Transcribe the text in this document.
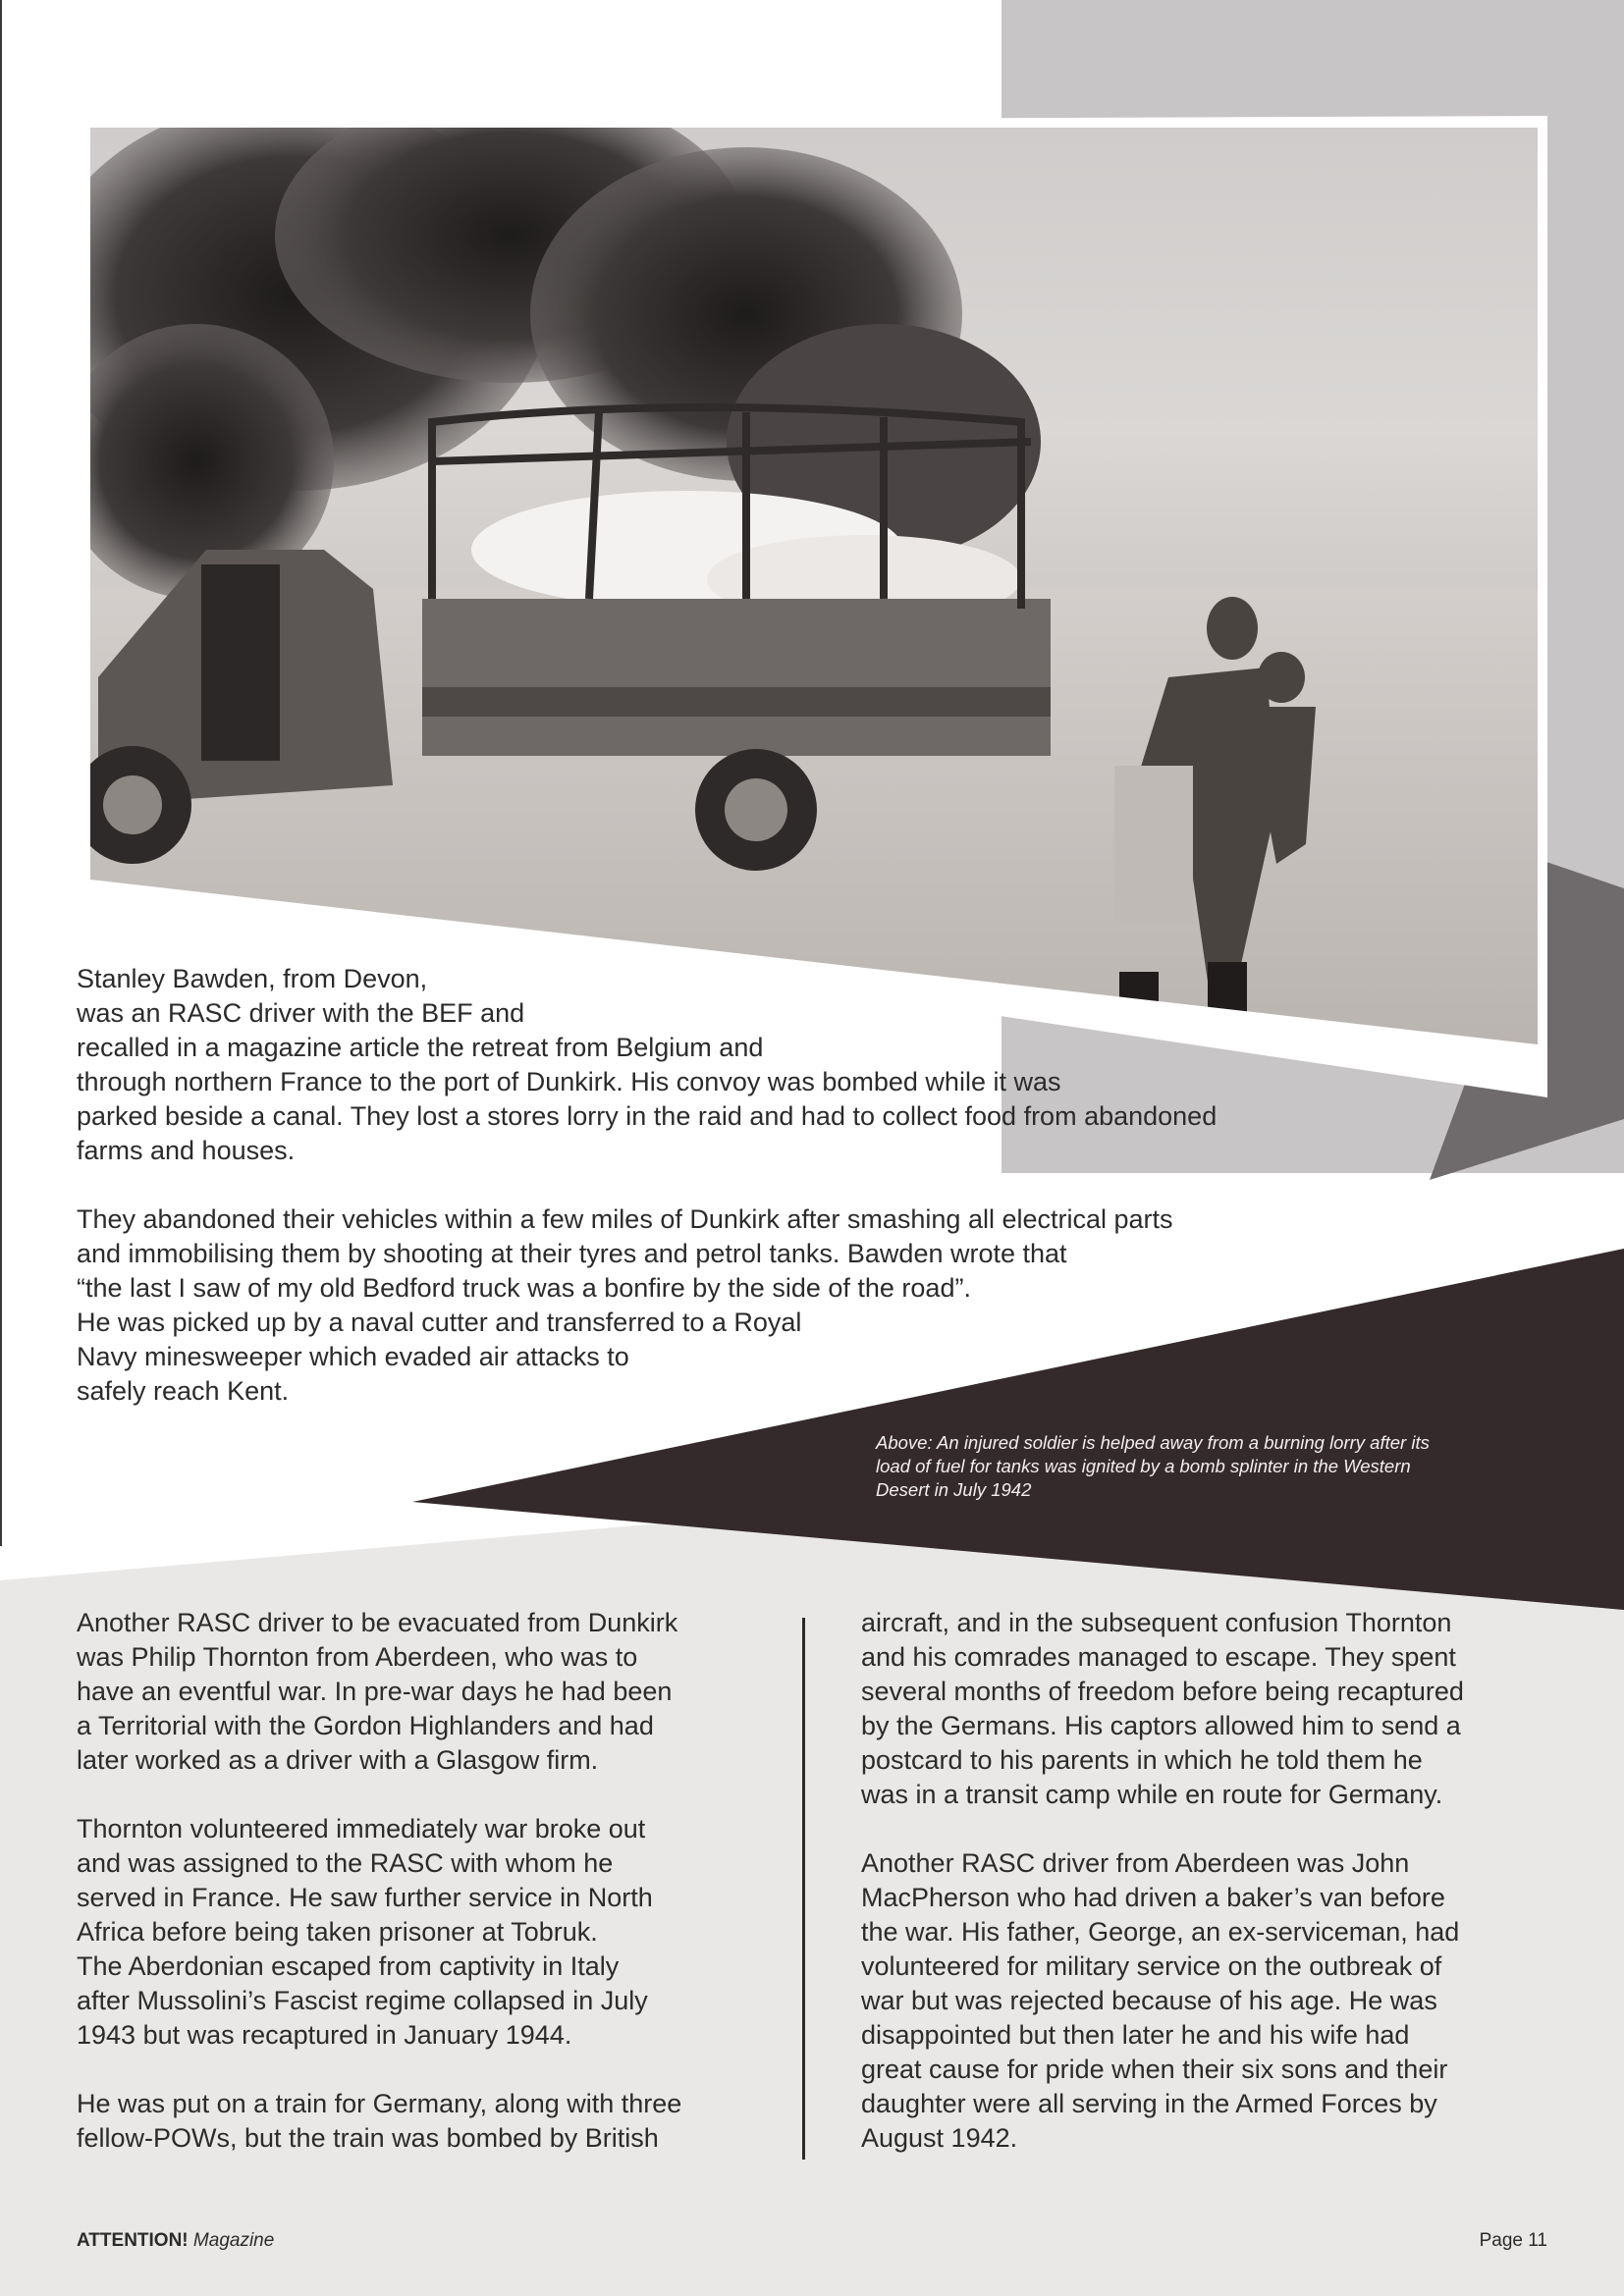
Stanley Bawden, from Devon,

was an RASC driver with the BEF and

recalled in a magazine article the retreat from Belgium and

through northern France to the port of Dunkirk. His convoy was bombed while it was

parked beside a canal. They lost a stores lorry in the raid and had to collect food from abandoned

farms and houses.

They abandoned their vehicles within a few miles of Dunkirk after smashing all electrical parts

and immobilising them by shooting at their tyres and petrol tanks. Bawden wrote that

“the last I saw of my old Bedford truck was a bonfire by the side of the road”.

He was picked up by a naval cutter and transferred to a Royal

Navy minesweeper which evaded air attacks to

safely reach Kent.

Above: An injured soldier is helped away from a burning lorry after its
load of fuel for tanks was ignited by a bomb splinter in the Western
Desert in July 1942

Another RASC driver to be evacuated from Dunkirk
was Philip Thornton from Aberdeen, who was to
have an eventful war. In pre-war days he had been
a Territorial with the Gordon Highlanders and had
later worked as a driver with a Glasgow firm.

Thornton volunteered immediately war broke out
and was assigned to the RASC with whom he
served in France. He saw further service in North
Africa before being taken prisoner at Tobruk.
The Aberdonian escaped from captivity in Italy
after Mussolini’s Fascist regime collapsed in July
1943 but was recaptured in January 1944.

He was put on a train for Germany, along with three
fellow-POWs, but the train was bombed by British

aircraft, and in the subsequent confusion Thornton
and his comrades managed to escape. They spent
several months of freedom before being recaptured
by the Germans. His captors allowed him to send a
postcard to his parents in which he told them he
was in a transit camp while en route for Germany.

Another RASC driver from Aberdeen was John
MacPherson who had driven a baker’s van before
the war. His father, George, an ex-serviceman, had
volunteered for military service on the outbreak of
war but was rejected because of his age. He was
disappointed but then later he and his wife had
great cause for pride when their six sons and their
daughter were all serving in the Armed Forces by
August 1942.

ATTENTION! Magazine	Page 11
